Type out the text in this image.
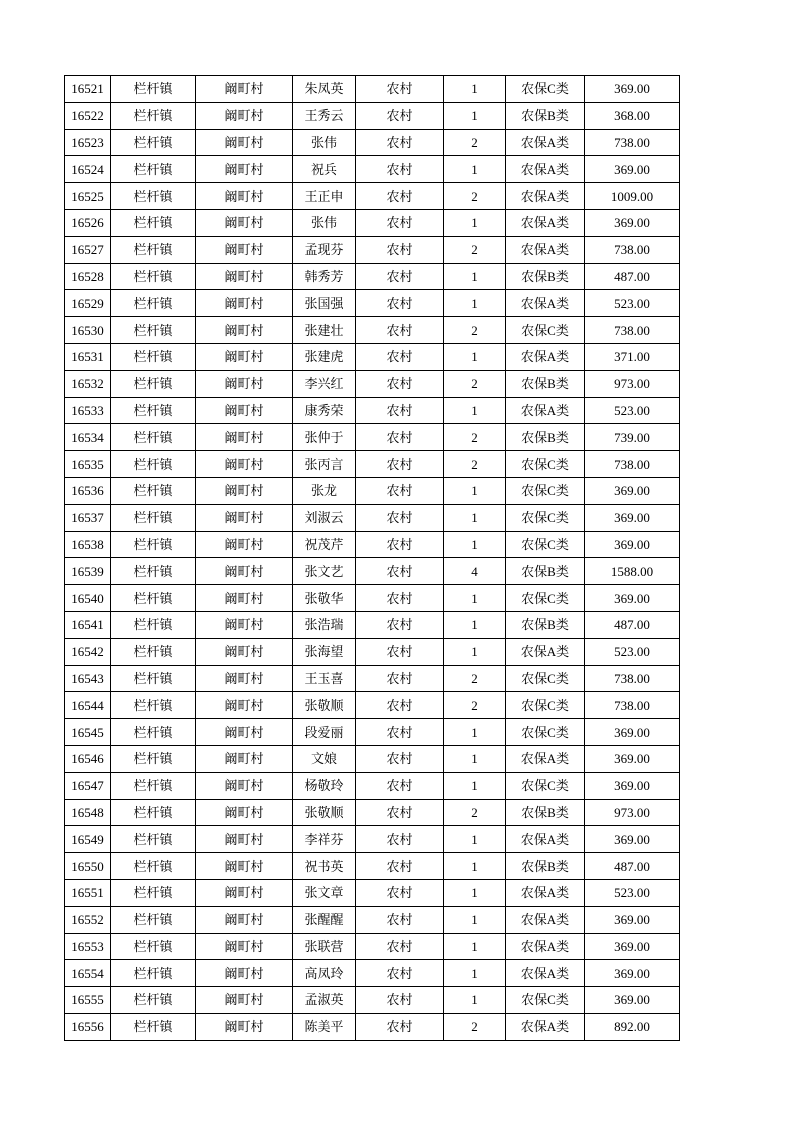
16521	栏杆镇	阚町村	朱凤英	农村	1	农保C类	369.00
16522	栏杆镇	阚町村	王秀云	农村	1	农保B类	368.00
16523	栏杆镇	阚町村	张伟	农村	2	农保A类	738.00
16524	栏杆镇	阚町村	祝兵	农村	1	农保A类	369.00
16525	栏杆镇	阚町村	王正申	农村	2	农保A类	1009.00
16526	栏杆镇	阚町村	张伟	农村	1	农保A类	369.00
16527	栏杆镇	阚町村	孟现芬	农村	2	农保A类	738.00
16528	栏杆镇	阚町村	韩秀芳	农村	1	农保B类	487.00
16529	栏杆镇	阚町村	张国强	农村	1	农保A类	523.00
16530	栏杆镇	阚町村	张建壮	农村	2	农保C类	738.00
16531	栏杆镇	阚町村	张建虎	农村	1	农保A类	371.00
16532	栏杆镇	阚町村	李兴红	农村	2	农保B类	973.00
16533	栏杆镇	阚町村	康秀荣	农村	1	农保A类	523.00
16534	栏杆镇	阚町村	张仲于	农村	2	农保B类	739.00
16535	栏杆镇	阚町村	张丙言	农村	2	农保C类	738.00
16536	栏杆镇	阚町村	张龙	农村	1	农保C类	369.00
16537	栏杆镇	阚町村	刘淑云	农村	1	农保C类	369.00
16538	栏杆镇	阚町村	祝茂芹	农村	1	农保C类	369.00
16539	栏杆镇	阚町村	张文艺	农村	4	农保B类	1588.00
16540	栏杆镇	阚町村	张敬华	农村	1	农保C类	369.00
16541	栏杆镇	阚町村	张浩瑞	农村	1	农保B类	487.00
16542	栏杆镇	阚町村	张海望	农村	1	农保A类	523.00
16543	栏杆镇	阚町村	王玉喜	农村	2	农保C类	738.00
16544	栏杆镇	阚町村	张敬顺	农村	2	农保C类	738.00
16545	栏杆镇	阚町村	段爱丽	农村	1	农保C类	369.00
16546	栏杆镇	阚町村	文娘	农村	1	农保A类	369.00
16547	栏杆镇	阚町村	杨敬玲	农村	1	农保C类	369.00
16548	栏杆镇	阚町村	张敬顺	农村	2	农保B类	973.00
16549	栏杆镇	阚町村	李祥芬	农村	1	农保A类	369.00
16550	栏杆镇	阚町村	祝书英	农村	1	农保B类	487.00
16551	栏杆镇	阚町村	张文章	农村	1	农保A类	523.00
16552	栏杆镇	阚町村	张醒醒	农村	1	农保A类	369.00
16553	栏杆镇	阚町村	张联营	农村	1	农保A类	369.00
16554	栏杆镇	阚町村	高凤玲	农村	1	农保A类	369.00
16555	栏杆镇	阚町村	孟淑英	农村	1	农保C类	369.00
16556	栏杆镇	阚町村	陈美平	农村	2	农保A类	892.00
